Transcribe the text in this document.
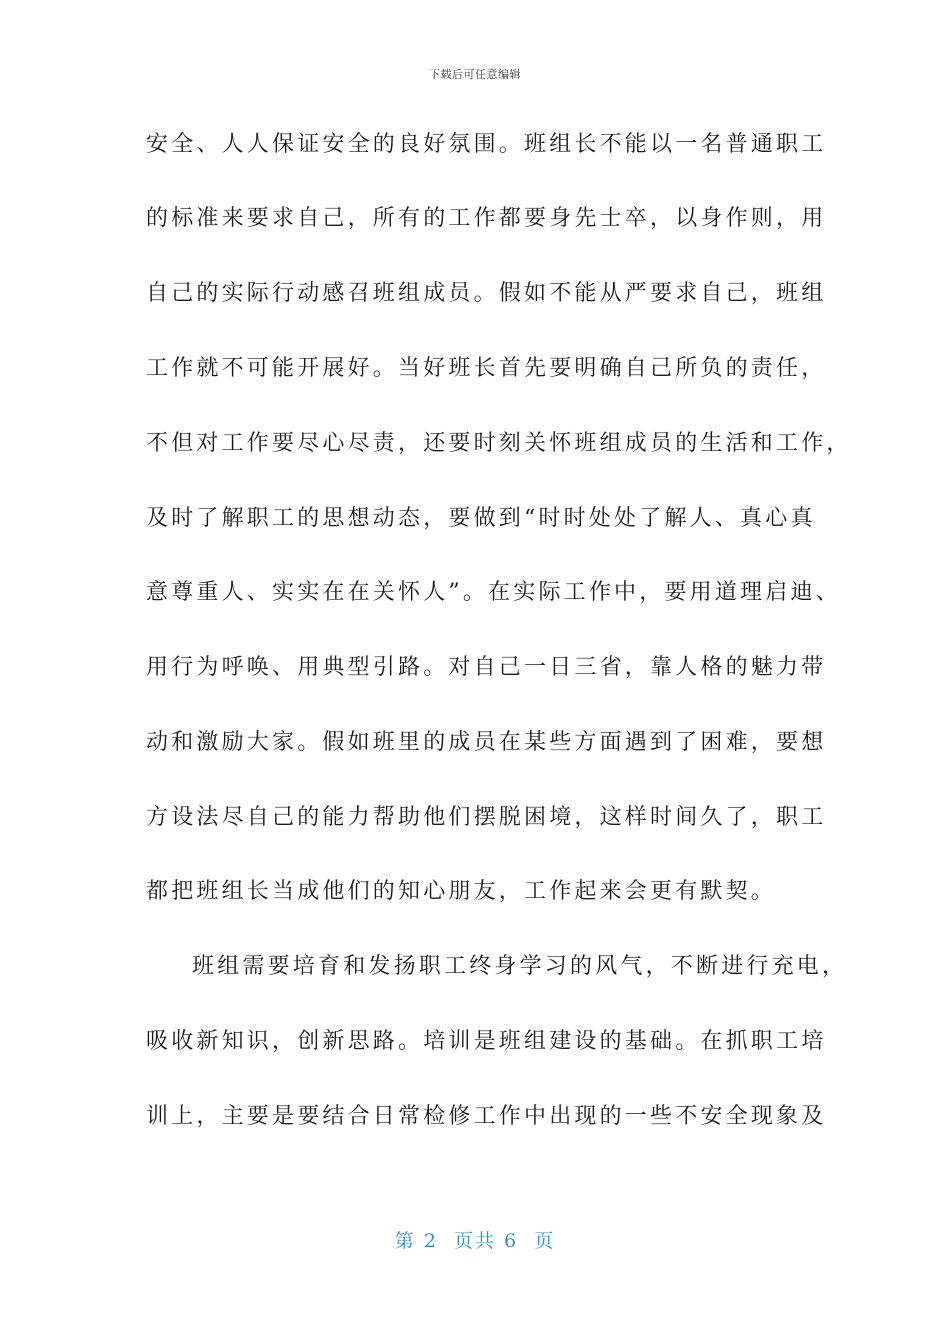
下载后可任意编辑
安全、人人保证安全的良好氛围。班组长不能以一名普通职工
的标准来要求自己，所有的工作都要身先士卒，以身作则，用
自己的实际行动感召班组成员。假如不能从严要求自己，班组
工作就不可能开展好。当好班长首先要明确自己所负的责任，
不但对工作要尽心尽责，还要时刻关怀班组成员的生活和工作，
及时了解职工的思想动态，要做到“时时处处了解人、真心真
意尊重人、实实在在关怀人”。在实际工作中，要用道理启迪、
用行为呼唤、用典型引路。对自己一日三省，靠人格的魅力带
动和激励大家。假如班里的成员在某些方面遇到了困难，要想
方设法尽自己的能力帮助他们摆脱困境，这样时间久了，职工
都把班组长当成他们的知心朋友，工作起来会更有默契。
班组需要培育和发扬职工终身学习的风气，不断进行充电，
吸收新知识，创新思路。培训是班组建设的基础。在抓职工培
训上，主要是要结合日常检修工作中出现的一些不安全现象及
第 2  页共 6  页
